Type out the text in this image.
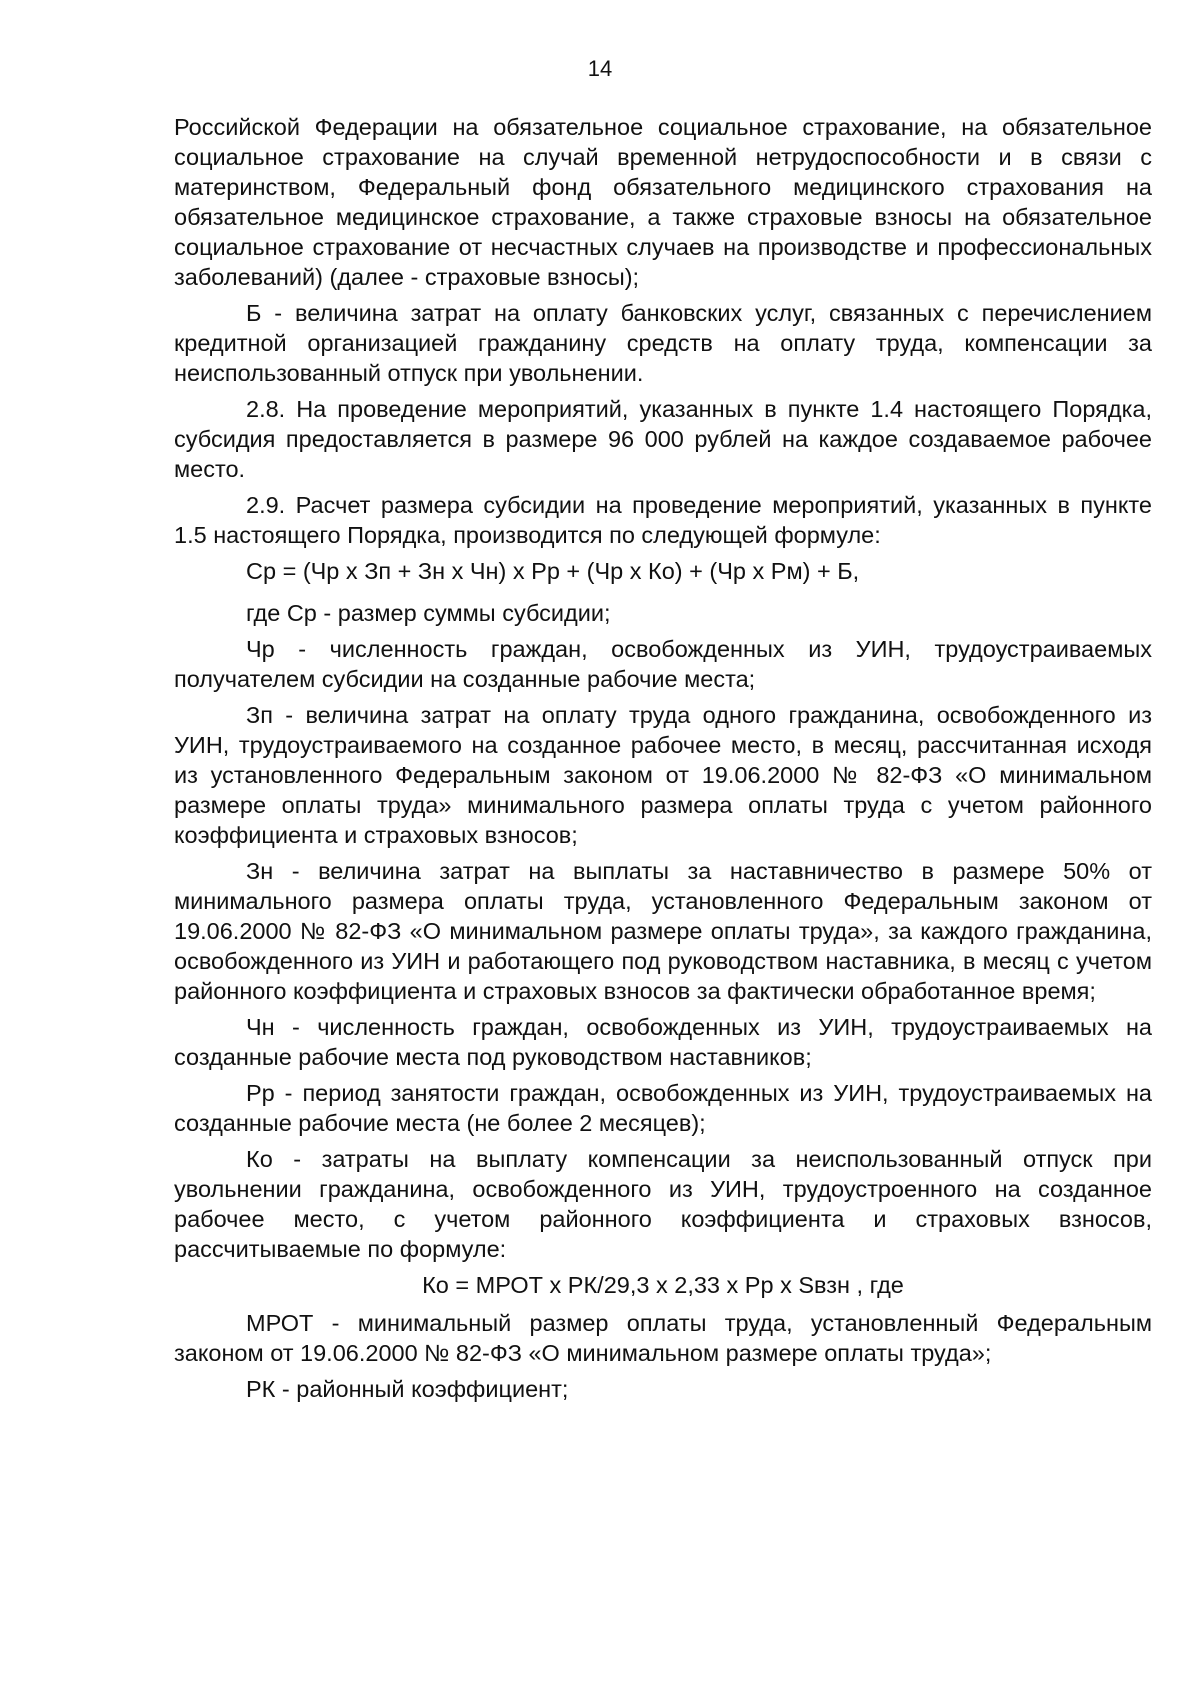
14

Российской Федерации на обязательное социальное страхование, на обязательное социальное страхование на случай временной нетрудоспособности и в связи с материнством, Федеральный фонд обязательного медицинского страхования на обязательное медицинское страхование, а также страховые взносы на обязательное социальное страхование от несчастных случаев на производстве и профессиональных заболеваний) (далее - страховые взносы);

Б - величина затрат на оплату банковских услуг, связанных с перечислением кредитной организацией гражданину средств на оплату труда, компенсации за неиспользованный отпуск при увольнении.

2.8. На проведение мероприятий, указанных в пункте 1.4 настоящего Порядка, субсидия предоставляется в размере 96 000 рублей на каждое создаваемое рабочее место.

2.9. Расчет размера субсидии на проведение мероприятий, указанных в пункте 1.5 настоящего Порядка, производится по следующей формуле:

Ср = (Чр х Зп + Зн х Чн) х Рр + (Чр х Ко) + (Чр х Рм) + Б,

где Ср - размер суммы субсидии;

Чр - численность граждан, освобожденных из УИН, трудоустраиваемых получателем субсидии на созданные рабочие места;

Зп - величина затрат на оплату труда одного гражданина, освобожденного из УИН, трудоустраиваемого на созданное рабочее место, в месяц, рассчитанная исходя из установленного Федеральным законом от 19.06.2000 № 82-ФЗ «О минимальном размере оплаты труда» минимального размера оплаты труда с учетом районного коэффициента и страховых взносов;

Зн - величина затрат на выплаты за наставничество в размере 50% от минимального размера оплаты труда, установленного Федеральным законом от 19.06.2000 № 82-ФЗ «О минимальном размере оплаты труда», за каждого гражданина, освобожденного из УИН и работающего под руководством наставника, в месяц с учетом районного коэффициента и страховых взносов за фактически обработанное время;

Чн - численность граждан, освобожденных из УИН, трудоустраиваемых на созданные рабочие места под руководством наставников;

Рр - период занятости граждан, освобожденных из УИН, трудоустраиваемых на созданные рабочие места (не более 2 месяцев);

Ко - затраты на выплату компенсации за неиспользованный отпуск при увольнении гражданина, освобожденного из УИН, трудоустроенного на созданное рабочее место, с учетом районного коэффициента и страховых взносов, рассчитываемые по формуле:

Ко = МРОТ х РК/29,3 х 2,33 х Рр х Sвзн , где

МРОТ - минимальный размер оплаты труда, установленный Федеральным законом от 19.06.2000 № 82-ФЗ «О минимальном размере оплаты труда»;

РК - районный коэффициент;
